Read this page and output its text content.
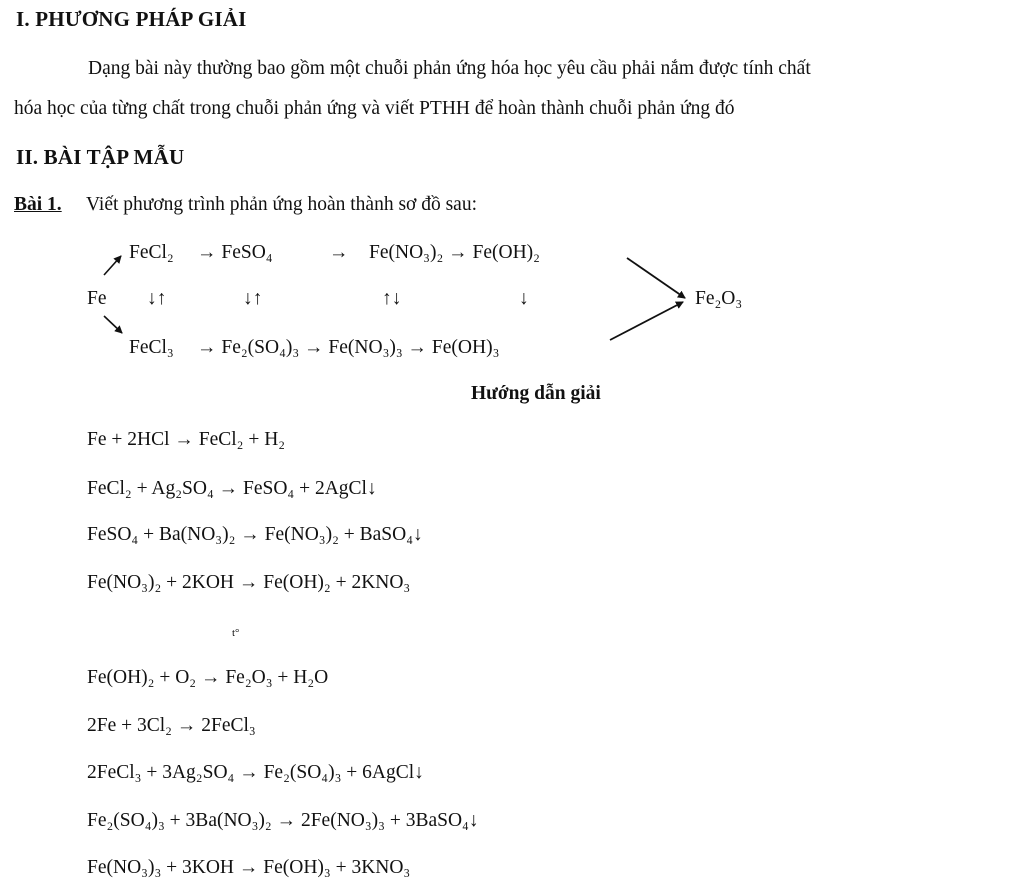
I. PHƯƠNG PHÁP GIẢI
Dạng bài này thường bao gồm một chuỗi phản ứng hóa học yêu cầu phải nắm được tính chất
hóa học của từng chất trong chuỗi phản ứng và viết PTHH để hoàn thành chuỗi phản ứng đó
II. BÀI TẬP MẪU
Bài 1. Viết phương trình phản ứng hoàn thành sơ đồ sau:
Fe
FeCl₂ → FeSO₄	→ Fe(NO₃)₂ → Fe(OH)₂
↓↑	↓↑	↑↓	↓
FeCl₃ → Fe₂(SO₄)₃ → Fe(NO₃)₃ → Fe(OH)₃
Fe₂O₃
Hướng dẫn giải
Fe + 2HCl → FeCl₂ + H₂
FeCl₂ + Ag₂SO₄ → FeSO₄ + 2AgCl↓
FeSO₄ + Ba(NO₃)₂ → Fe(NO₃)₂ + BaSO₄↓
Fe(NO₃)₂ + 2KOH → Fe(OH)₂ + 2KNO₃
t°
Fe(OH)₂ + O₂ → Fe₂O₃ + H₂O
2Fe + 3Cl₂ → 2FeCl₃
2FeCl₃ + 3Ag₂SO₄ → Fe₂(SO₄)₃ + 6AgCl↓
Fe₂(SO₄)₃ + 3Ba(NO₃)₂ → 2Fe(NO₃)₃ + 3BaSO₄↓
Fe(NO₃)₃ + 3KOH → Fe(OH)₃ + 3KNO₃
